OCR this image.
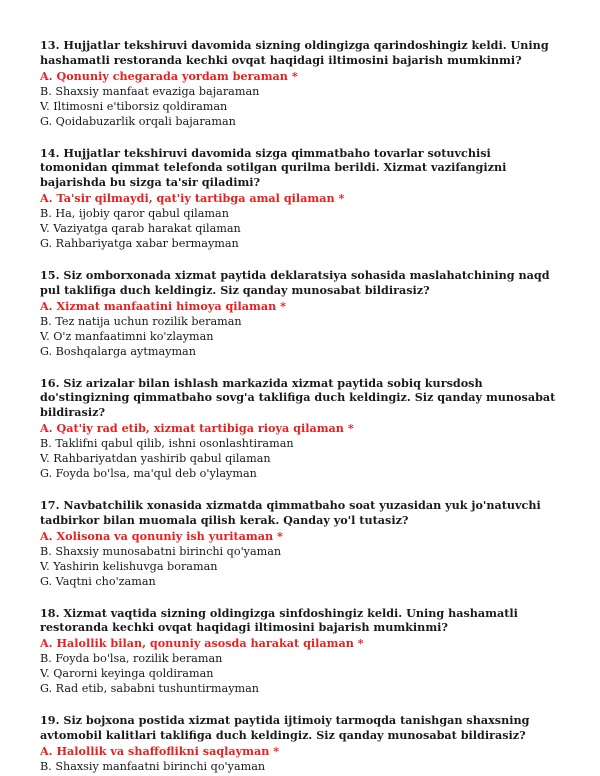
13. Hujjatlar tekshiruvi davomida sizning oldingizga qarindoshingiz keldi. Uning hashamatli restoranda kechki ovqat haqidagi iltimosini bajarish mumkinmi?
A. Qonuniy chegarada yordam beraman *
B. Shaxsiy manfaat evaziga bajaraman
V. Iltimosni e'tiborsiz qoldiraman
G. Qoidabuzarlik orqali bajaraman
14. Hujjatlar tekshiruvi davomida sizga qimmatbaho tovarlar sotuvchisi tomonidan qimmat telefonda sotilgan qurilma berildi. Xizmat vazifangizni bajarishda bu sizga ta'sir qiladimi?
A. Ta'sir qilmaydi, qat'iy tartibga amal qilaman *
B. Ha, ijobiy qaror qabul qilaman
V. Vaziyatga qarab harakat qilaman
G. Rahbariyatga xabar bermayman
15. Siz omborxonada xizmat paytida deklaratsiya sohasida maslahatchining naqd pul taklifiga duch keldingiz. Siz qanday munosabat bildirasiz?
A. Xizmat manfaatini himoya qilaman *
B. Tez natija uchun rozilik beraman
V. O'z manfaatimni ko'zlayman
G. Boshqalarga aytmayman
16. Siz arizalar bilan ishlash markazida xizmat paytida sobiq kursdosh do'stingizning qimmatbaho sovg'a taklifiga duch keldingiz. Siz qanday munosabat bildirasiz?
A. Qat'iy rad etib, xizmat tartibiga rioya qilaman *
B. Taklifni qabul qilib, ishni osonlashtiraman
V. Rahbariyatdan yashirib qabul qilaman
G. Foyda bo'lsa, ma'qul deb o'ylayman
17. Navbatchilik xonasida xizmatda qimmatbaho soat yuzasidan yuk jo'natuvchi tadbirkor bilan muomala qilish kerak. Qanday yo'l tutasiz?
A. Xolisona va qonuniy ish yuritaman *
B. Shaxsiy munosabatni birinchi qo'yaman
V. Yashirin kelishuvga boraman
G. Vaqtni cho'zaman
18. Xizmat vaqtida sizning oldingizga sinfdoshingiz keldi. Uning hashamatli restoranda kechki ovqat haqidagi iltimosini bajarish mumkinmi?
A. Halollik bilan, qonuniy asosda harakat qilaman *
B. Foyda bo'lsa, rozilik beraman
V. Qarorni keyinga qoldiraman
G. Rad etib, sababni tushuntirmayman
19. Siz bojxona postida xizmat paytida ijtimoiy tarmoqda tanishgan shaxsning avtomobil kalitlari taklifiga duch keldingiz. Siz qanday munosabat bildirasiz?
A. Halollik va shaffoflikni saqlayman *
B. Shaxsiy manfaatni birinchi qo'yaman
